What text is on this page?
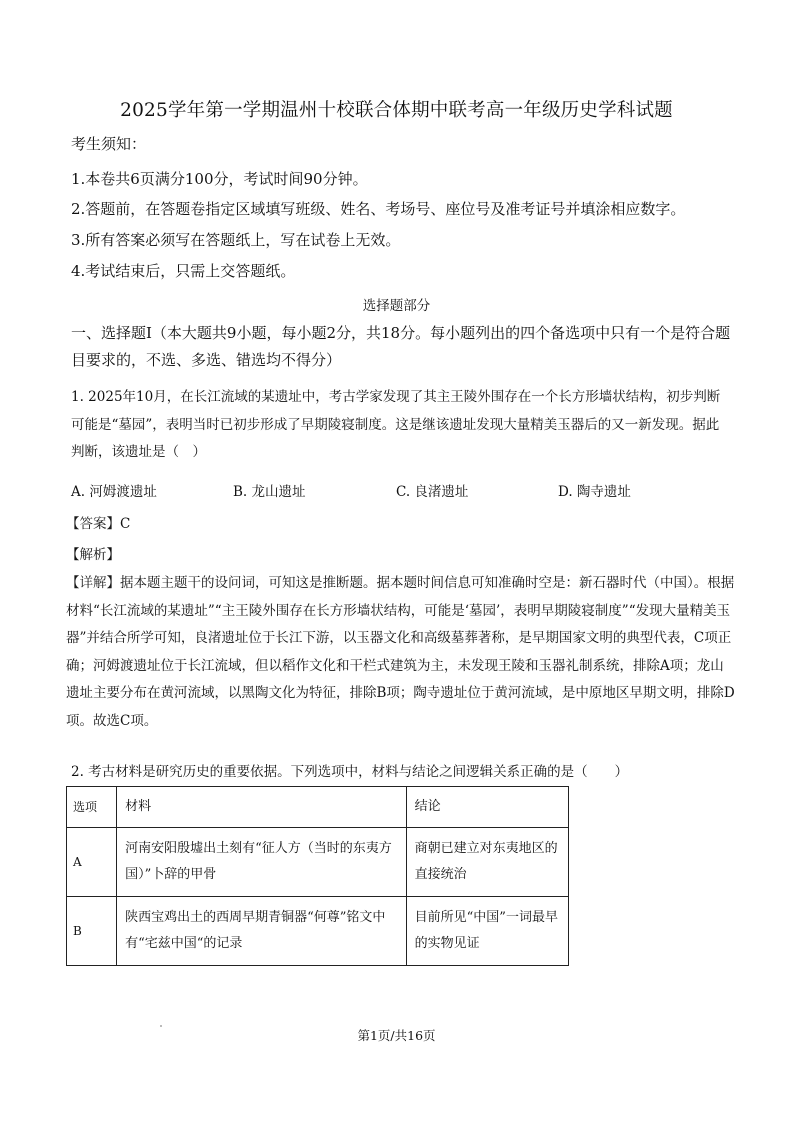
2025学年第一学期温州十校联合体期中联考高一年级历史学科试题
考生须知：
1.本卷共6页满分100分，考试时间90分钟。
2.答题前，在答题卷指定区域填写班级、姓名、考场号、座位号及准考证号并填涂相应数字。
3.所有答案必须写在答题纸上，写在试卷上无效。
4.考试结束后，只需上交答题纸。
选择题部分
一、选择题Ⅰ（本大题共9小题，每小题2分，共18分。每小题列出的四个备选项中只有一个是符合题目要求的，不选、多选、错选均不得分）
1. 2025年10月，在长江流域的某遗址中，考古学家发现了其主王陵外围存在一个长方形墙状结构，初步判断可能是“墓园”，表明当时已初步形成了早期陵寝制度。这是继该遗址发现大量精美玉器后的又一新发现。据此判断，该遗址是（　）
A. 河姆渡遗址	B. 龙山遗址	C. 良渚遗址	D. 陶寺遗址
【答案】C
【解析】
【详解】据本题主题干的设问词，可知这是推断题。据本题时间信息可知准确时空是：新石器时代（中国）。根据材料“长江流域的某遗址”“主王陵外围存在长方形墙状结构，可能是‘墓园’，表明早期陵寝制度”“发现大量精美玉器”并结合所学可知，良渚遗址位于长江下游，以玉器文化和高级墓葬著称，是早期国家文明的典型代表，C项正确；河姆渡遗址位于长江流域，但以稻作文化和干栏式建筑为主，未发现王陵和玉器礼制系统，排除A项；龙山遗址主要分布在黄河流域，以黑陶文化为特征，排除B项；陶寺遗址位于黄河流域，是中原地区早期文明，排除D项。故选C项。
2. 考古材料是研究历史的重要依据。下列选项中，材料与结论之间逻辑关系正确的是（　　）
选项	材料	结论
A	河南安阳殷墟出土刻有“征人方（当时的东夷方国）”卜辞的甲骨	商朝已建立对东夷地区的直接统治
B	陕西宝鸡出土的西周早期青铜器“何尊”铭文中有“宅兹中国“的记录	目前所见“中国”一词最早的实物见证
第1页/共16页
